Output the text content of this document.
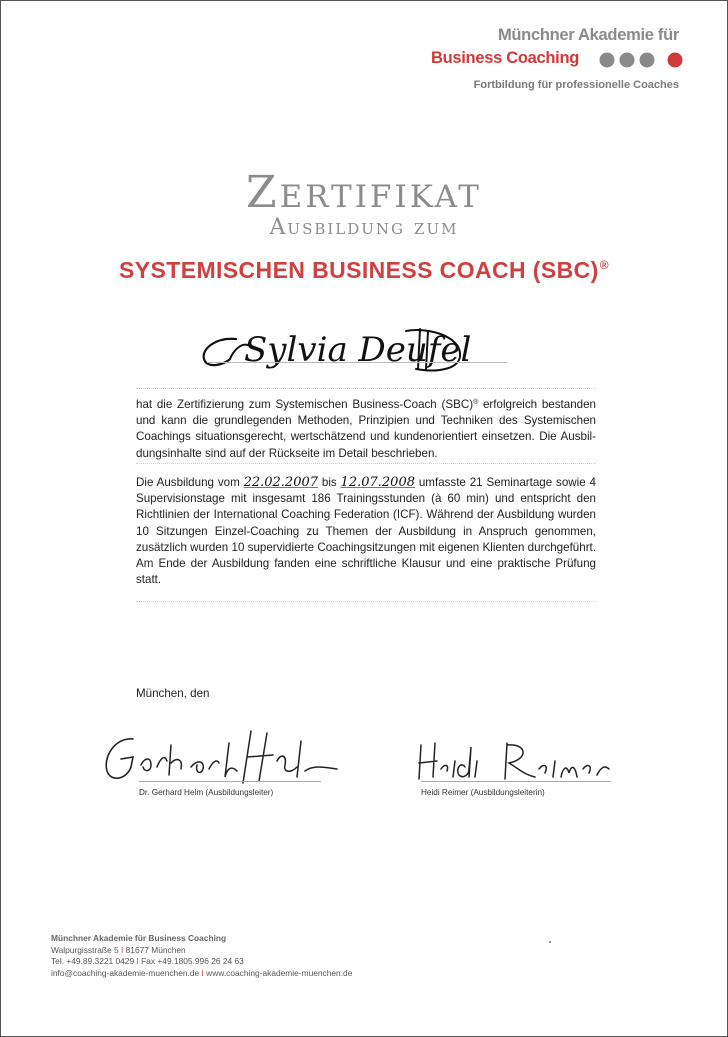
Münchner Akademie für
Business Coaching
Fortbildung für professionelle Coaches
Zertifikat
Ausbildung zum
SYSTEMISCHEN BUSINESS COACH (SBC)®
Sylvia Deufel
hat die Zertifizierung zum Systemischen Business-Coach (SBC)® erfolgreich bestanden und kann die grundlegenden Methoden, Prinzipien und Techniken des Systemischen Coachings situationsgerecht, wertschätzend und kundenorientiert einsetzen. Die Ausbildungsinhalte sind auf der Rückseite im Detail beschrieben.
Die Ausbildung vom 22.02.2007 bis 12.07.2008 umfasste 21 Seminartage sowie 4 Supervisionstage mit insgesamt 186 Trainingsstunden (à 60 min) und entspricht den Richtlinien der International Coaching Federation (ICF). Während der Ausbildung wurden 10 Sitzungen Einzel-Coaching zu Themen der Ausbildung in Anspruch genommen, zusätzlich wurden 10 supervidierte Coachingsitzungen mit eigenen Klienten durchgeführt. Am Ende der Ausbildung fanden eine schriftliche Klausur und eine praktische Prüfung statt.
München, den
Dr. Gerhard Helm (Ausbildungsleiter)	Heidi Reimer (Ausbildungsleiterin)
Münchner Akademie für Business Coaching
Walpurgisstraße 5 I 81677 München
Tel. +49.89.3221 0429 I Fax +49.1805.996 26 24 63
info@coaching-akademie-muenchen.de I www.coaching-akademie-muenchen.de
